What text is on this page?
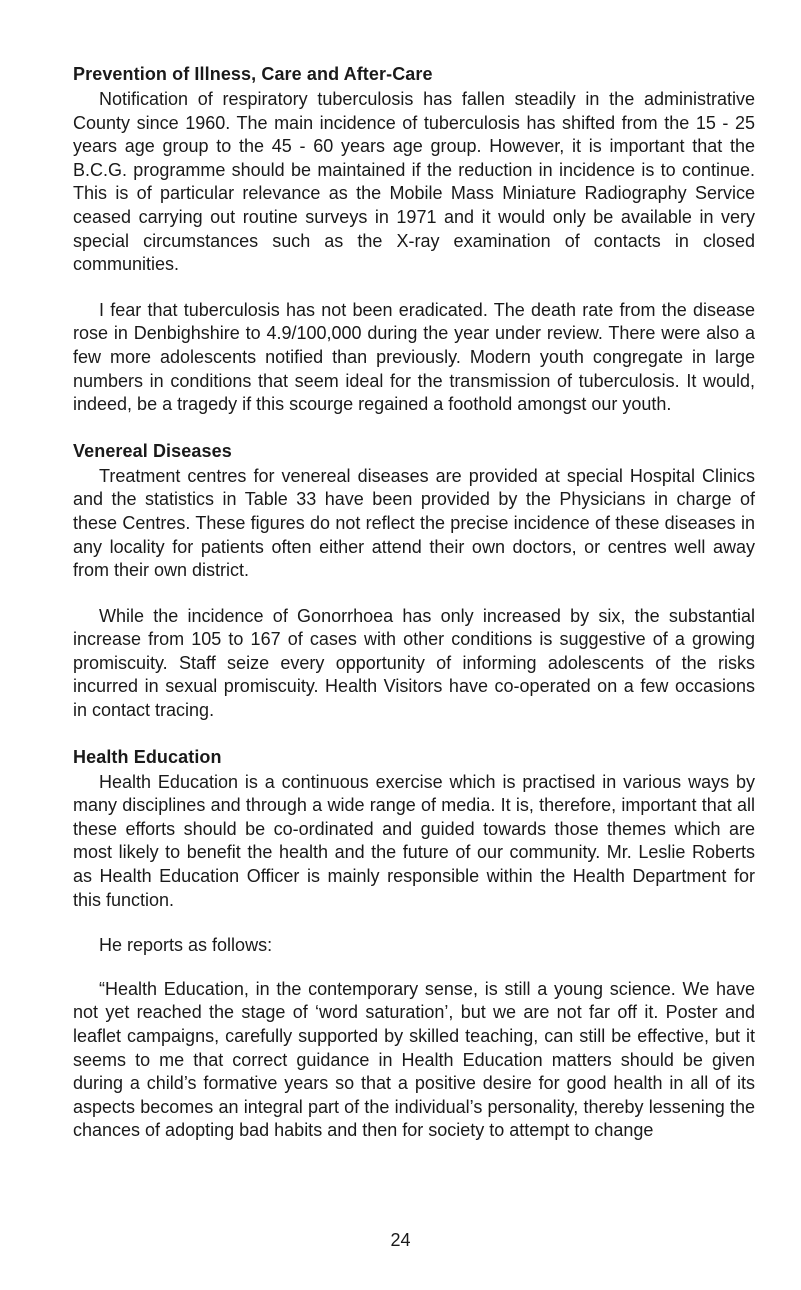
Prevention of Illness, Care and After-Care

Notification of respiratory tuberculosis has fallen steadily in the administrative County since 1960. The main incidence of tuberculosis has shifted from the 15 - 25 years age group to the 45 - 60 years age group. However, it is important that the B.C.G. programme should be maintained if the reduction in incidence is to continue. This is of particular relevance as the Mobile Mass Miniature Radiography Service ceased carrying out routine surveys in 1971 and it would only be available in very special circumstances such as the X-ray examination of contacts in closed communities.

I fear that tuberculosis has not been eradicated. The death rate from the disease rose in Denbighshire to 4.9/100,000 during the year under review. There were also a few more adolescents notified than previously. Modern youth congregate in large numbers in conditions that seem ideal for the transmission of tuberculosis. It would, indeed, be a tragedy if this scourge regained a foothold amongst our youth.

Venereal Diseases

Treatment centres for venereal diseases are provided at special Hospital Clinics and the statistics in Table 33 have been provided by the Physicians in charge of these Centres. These figures do not reflect the precise incidence of these diseases in any locality for patients often either attend their own doctors, or centres well away from their own district.

While the incidence of Gonorrhoea has only increased by six, the substantial increase from 105 to 167 of cases with other conditions is suggestive of a growing promiscuity. Staff seize every opportunity of informing adolescents of the risks incurred in sexual promiscuity. Health Visitors have co-operated on a few occasions in contact tracing.

Health Education

Health Education is a continuous exercise which is practised in various ways by many disciplines and through a wide range of media. It is, therefore, important that all these efforts should be co-ordinated and guided towards those themes which are most likely to benefit the health and the future of our community. Mr. Leslie Roberts as Health Education Officer is mainly responsible within the Health Department for this function.

He reports as follows:

“Health Education, in the contemporary sense, is still a young science. We have not yet reached the stage of ‘word saturation’, but we are not far off it. Poster and leaflet campaigns, carefully supported by skilled teaching, can still be effective, but it seems to me that correct guidance in Health Education matters should be given during a child’s formative years so that a positive desire for good health in all of its aspects becomes an integral part of the individual’s personality, thereby lessening the chances of adopting bad habits and then for society to attempt to change

24
